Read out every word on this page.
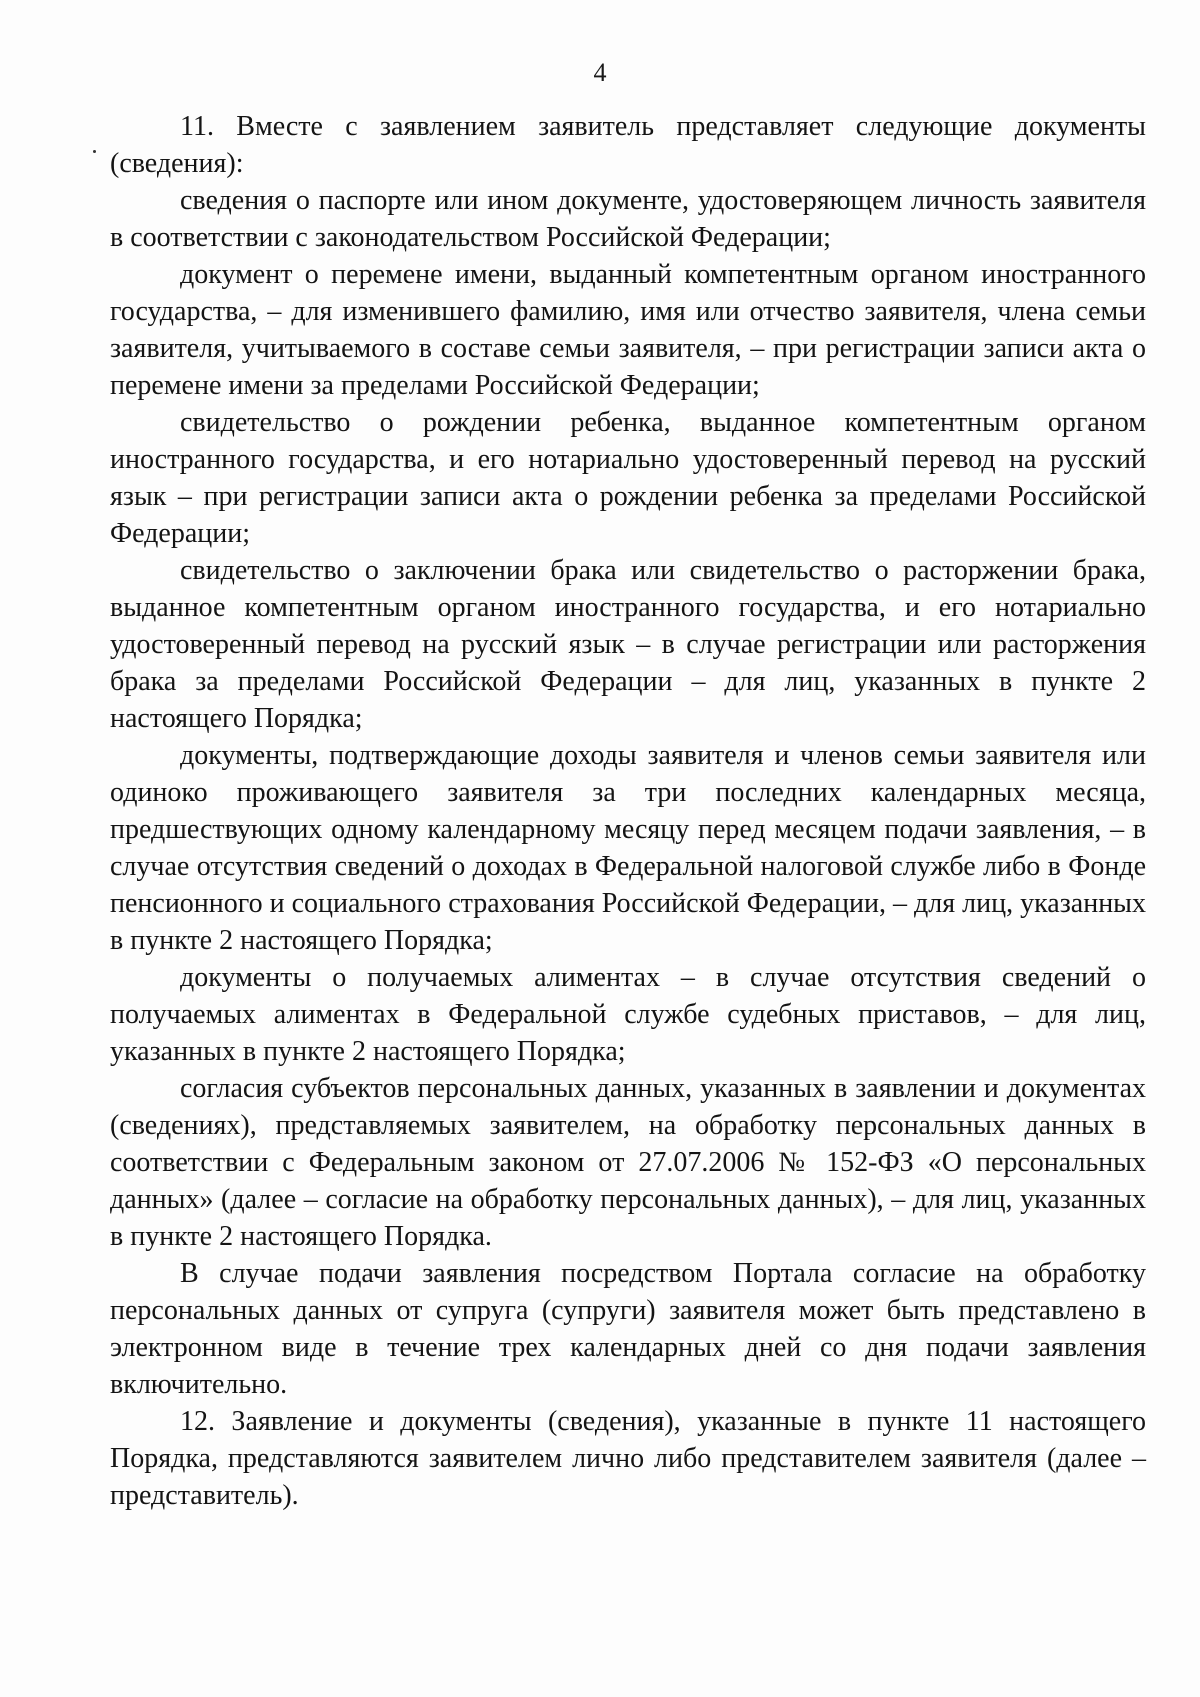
4

11. Вместе с заявлением заявитель представляет следующие документы (сведения):

сведения о паспорте или ином документе, удостоверяющем личность заявителя в соответствии с законодательством Российской Федерации;

документ о перемене имени, выданный компетентным органом иностранного государства, – для изменившего фамилию, имя или отчество заявителя, члена семьи заявителя, учитываемого в составе семьи заявителя, – при регистрации записи акта о перемене имени за пределами Российской Федерации;

свидетельство о рождении ребенка, выданное компетентным органом иностранного государства, и его нотариально удостоверенный перевод на русский язык – при регистрации записи акта о рождении ребенка за пределами Российской Федерации;

свидетельство о заключении брака или свидетельство о расторжении брака, выданное компетентным органом иностранного государства, и его нотариально удостоверенный перевод на русский язык – в случае регистрации или расторжения брака за пределами Российской Федерации – для лиц, указанных в пункте 2 настоящего Порядка;

документы, подтверждающие доходы заявителя и членов семьи заявителя или одиноко проживающего заявителя за три последних календарных месяца, предшествующих одному календарному месяцу перед месяцем подачи заявления, – в случае отсутствия сведений о доходах в Федеральной налоговой службе либо в Фонде пенсионного и социального страхования Российской Федерации, – для лиц, указанных в пункте 2 настоящего Порядка;

документы о получаемых алиментах – в случае отсутствия сведений о получаемых алиментах в Федеральной службе судебных приставов, – для лиц, указанных в пункте 2 настоящего Порядка;

согласия субъектов персональных данных, указанных в заявлении и документах (сведениях), представляемых заявителем, на обработку персональных данных в соответствии с Федеральным законом от 27.07.2006 № 152-ФЗ «О персональных данных» (далее – согласие на обработку персональных данных), – для лиц, указанных в пункте 2 настоящего Порядка.

В случае подачи заявления посредством Портала согласие на обработку персональных данных от супруга (супруги) заявителя может быть представлено в электронном виде в течение трех календарных дней со дня подачи заявления включительно.

12. Заявление и документы (сведения), указанные в пункте 11 настоящего Порядка, представляются заявителем лично либо представителем заявителя (далее – представитель).
